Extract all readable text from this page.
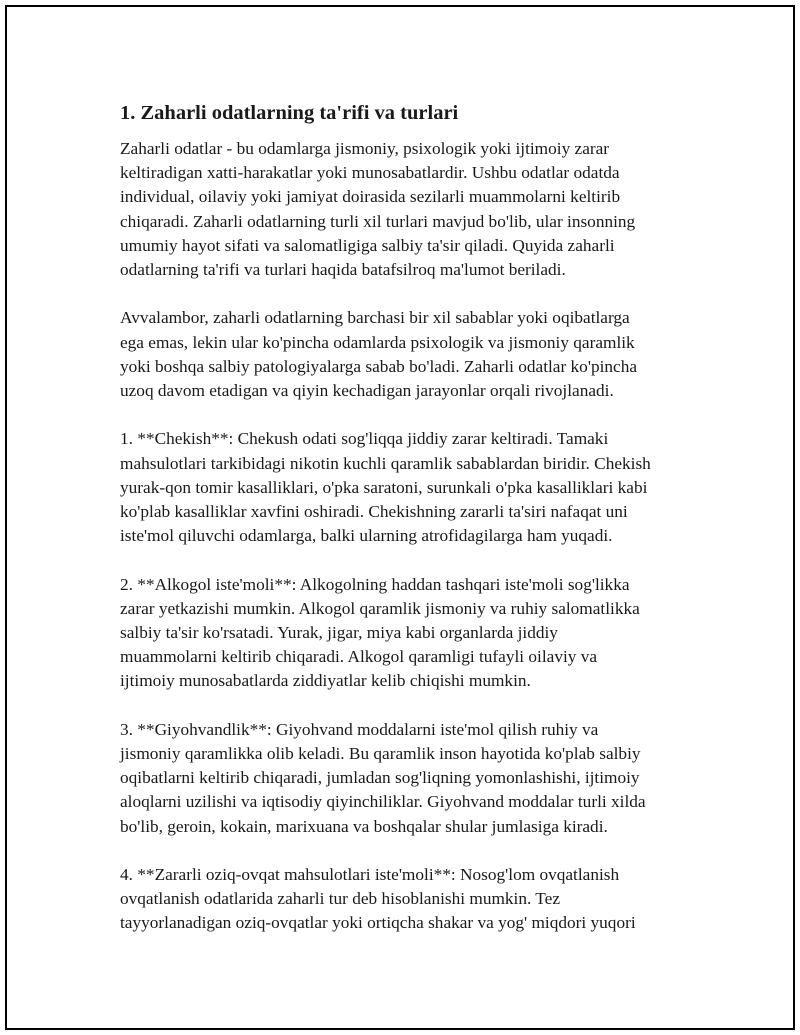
1. Zaharli odatlarning ta'rifi va turlari

Zaharli odatlar - bu odamlarga jismoniy, psixologik yoki ijtimoiy zarar
keltiradigan xatti-harakatlar yoki munosabatlardir. Ushbu odatlar odatda
individual, oilaviy yoki jamiyat doirasida sezilarli muammolarni keltirib
chiqaradi. Zaharli odatlarning turli xil turlari mavjud bo'lib, ular insonning
umumiy hayot sifati va salomatligiga salbiy ta'sir qiladi. Quyida zaharli
odatlarning ta'rifi va turlari haqida batafsilroq ma'lumot beriladi.

Avvalambor, zaharli odatlarning barchasi bir xil sabablar yoki oqibatlarga
ega emas, lekin ular ko'pincha odamlarda psixologik va jismoniy qaramlik
yoki boshqa salbiy patologiyalarga sabab bo'ladi. Zaharli odatlar ko'pincha
uzoq davom etadigan va qiyin kechadigan jarayonlar orqali rivojlanadi.

1. **Chekish**: Chekush odati sog'liqqa jiddiy zarar keltiradi. Tamaki
mahsulotlari tarkibidagi nikotin kuchli qaramlik sabablardan biridir. Chekish
yurak-qon tomir kasalliklari, o'pka saratoni, surunkali o'pka kasalliklari kabi
ko'plab kasalliklar xavfini oshiradi. Chekishning zararli ta'siri nafaqat uni
iste'mol qiluvchi odamlarga, balki ularning atrofidagilarga ham yuqadi.

2. **Alkogol iste'moli**: Alkogolning haddan tashqari iste'moli sog'likka
zarar yetkazishi mumkin. Alkogol qaramlik jismoniy va ruhiy salomatlikka
salbiy ta'sir ko'rsatadi. Yurak, jigar, miya kabi organlarda jiddiy
muammolarni keltirib chiqaradi. Alkogol qaramligi tufayli oilaviy va
ijtimoiy munosabatlarda ziddiyatlar kelib chiqishi mumkin.

3. **Giyohvandlik**: Giyohvand moddalarni iste'mol qilish ruhiy va
jismoniy qaramlikka olib keladi. Bu qaramlik inson hayotida ko'plab salbiy
oqibatlarni keltirib chiqaradi, jumladan sog'liqning yomonlashishi, ijtimoiy
aloqlarni uzilishi va iqtisodiy qiyinchiliklar. Giyohvand moddalar turli xilda
bo'lib, geroin, kokain, marixuana va boshqalar shular jumlasiga kiradi.

4. **Zararli oziq-ovqat mahsulotlari iste'moli**: Nosog'lom ovqatlanish
ovqatlanish odatlarida zaharli tur deb hisoblanishi mumkin. Tez
tayyorlanadigan oziq-ovqatlar yoki ortiqcha shakar va yog' miqdori yuqori
